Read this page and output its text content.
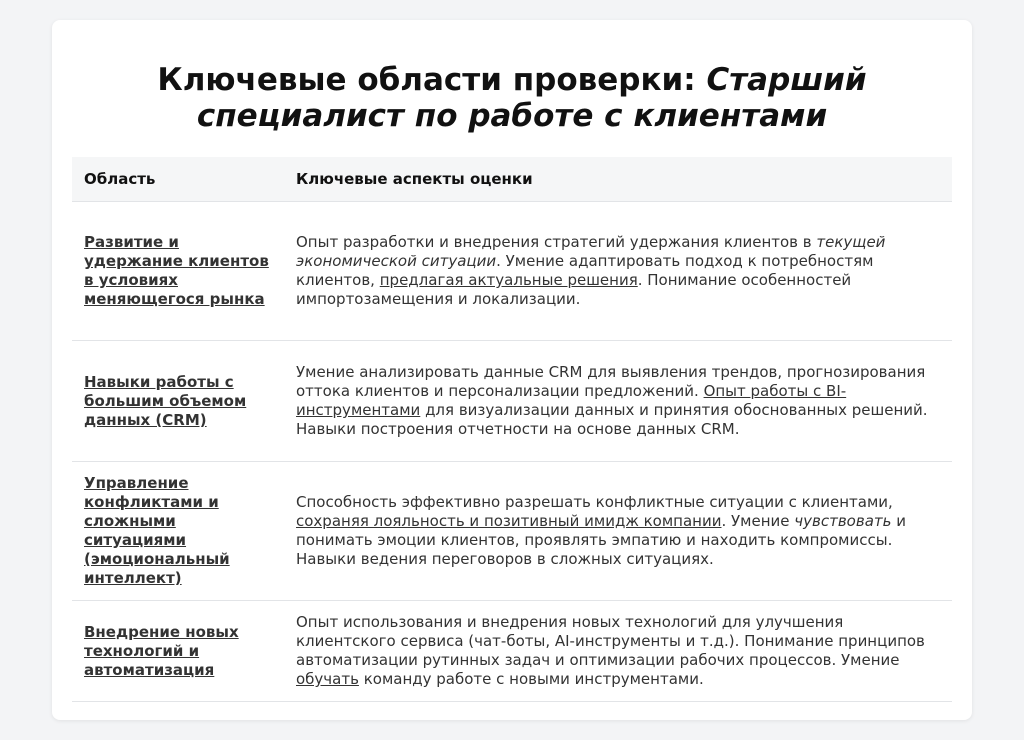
Ключевые области проверки: Старший специалист по работе с клиентами
Область	Ключевые аспекты оценки
Развитие и удержание клиентов в условиях меняющегося рынка	Опыт разработки и внедрения стратегий удержания клиентов в текущей экономической ситуации. Умение адаптировать подход к потребностям клиентов, предлагая актуальные решения. Понимание особенностей импортозамещения и локализации.
Навыки работы с большим объемом данных (CRM)	Умение анализировать данные CRM для выявления трендов, прогнозирования оттока клиентов и персонализации предложений. Опыт работы с BI-инструментами для визуализации данных и принятия обоснованных решений. Навыки построения отчетности на основе данных CRM.
Управление конфликтами и сложными ситуациями (эмоциональный интеллект)	Способность эффективно разрешать конфликтные ситуации с клиентами, сохраняя лояльность и позитивный имидж компании. Умение чувствовать и понимать эмоции клиентов, проявлять эмпатию и находить компромиссы. Навыки ведения переговоров в сложных ситуациях.
Внедрение новых технологий и автоматизация	Опыт использования и внедрения новых технологий для улучшения клиентского сервиса (чат-боты, AI-инструменты и т.д.). Понимание принципов автоматизации рутинных задач и оптимизации рабочих процессов. Умение обучать команду работе с новыми инструментами.
